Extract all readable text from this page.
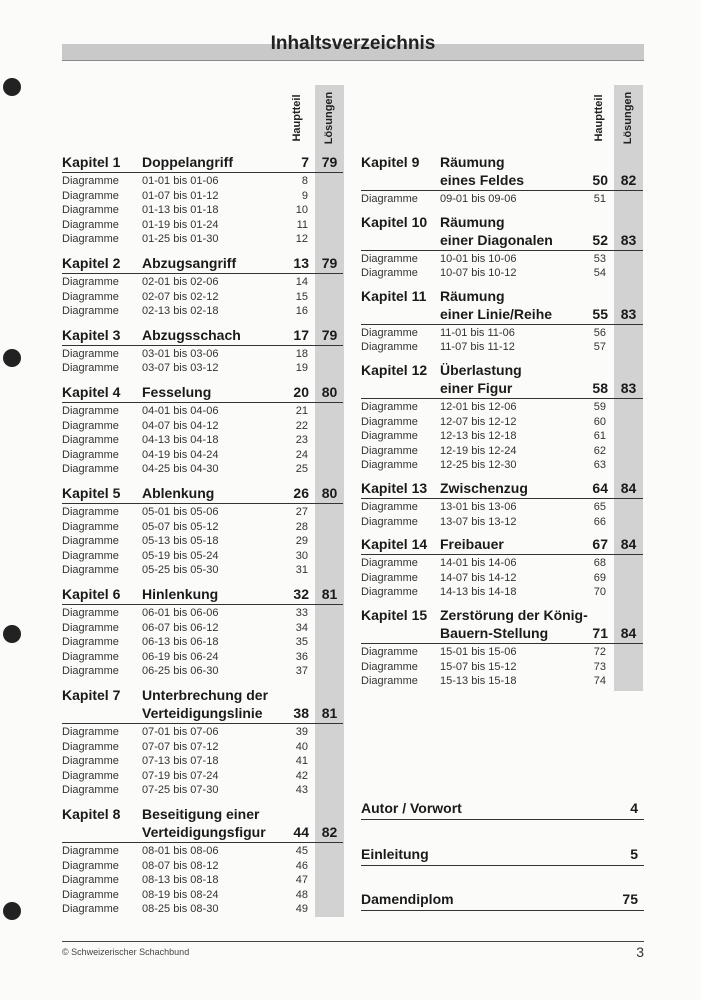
Inhaltsverzeichnis
Hauptteil Lösungen	Hauptteil Lösungen
Kapitel 1	Doppelangriff	7 79
Diagramme 01-01 bis 01-06	8
Diagramme 01-07 bis 01-12	9
Diagramme 01-13 bis 01-18	10
Diagramme 01-19 bis 01-24	11
Diagramme 01-25 bis 01-30	12
Kapitel 2	Abzugsangriff	13 79
Diagramme 02-01 bis 02-06	14
Diagramme 02-07 bis 02-12	15
Diagramme 02-13 bis 02-18	16
Kapitel 3	Abzugsschach	17 79
Diagramme 03-01 bis 03-06	18
Diagramme 03-07 bis 03-12	19
Kapitel 4	Fesselung	20 80
Diagramme 04-01 bis 04-06	21
Diagramme 04-07 bis 04-12	22
Diagramme 04-13 bis 04-18	23
Diagramme 04-19 bis 04-24	24
Diagramme 04-25 bis 04-30	25
Kapitel 5	Ablenkung	26 80
Diagramme 05-01 bis 05-06	27
Diagramme 05-07 bis 05-12	28
Diagramme 05-13 bis 05-18	29
Diagramme 05-19 bis 05-24	30
Diagramme 05-25 bis 05-30	31
Kapitel 6	Hinlenkung	32 81
Diagramme 06-01 bis 06-06	33
Diagramme 06-07 bis 06-12	34
Diagramme 06-13 bis 06-18	35
Diagramme 06-19 bis 06-24	36
Diagramme 06-25 bis 06-30	37
Kapitel 7	Unterbrechung der
Verteidigungslinie	38 81
Diagramme 07-01 bis 07-06	39
Diagramme 07-07 bis 07-12	40
Diagramme 07-13 bis 07-18	41
Diagramme 07-19 bis 07-24	42
Diagramme 07-25 bis 07-30	43
Kapitel 8	Beseitigung einer
Verteidigungsfigur	44 82
Diagramme 08-01 bis 08-06	45
Diagramme 08-07 bis 08-12	46
Diagramme 08-13 bis 08-18	47
Diagramme 08-19 bis 08-24	48
Diagramme 08-25 bis 08-30	49
Kapitel 9	Räumung
eines Feldes	50 82
Diagramme 09-01 bis 09-06	51
Kapitel 10 Räumung
einer Diagonalen	52 83
Diagramme 10-01 bis 10-06	53
Diagramme 10-07 bis 10-12	54
Kapitel 11 Räumung
einer Linie/Reihe	55 83
Diagramme 11-01 bis 11-06	56
Diagramme 11-07 bis 11-12	57
Kapitel 12 Überlastung
einer Figur	58 83
Diagramme 12-01 bis 12-06	59
Diagramme 12-07 bis 12-12	60
Diagramme 12-13 bis 12-18	61
Diagramme 12-19 bis 12-24	62
Diagramme 12-25 bis 12-30	63
Kapitel 13 Zwischenzug	64 84
Diagramme 13-01 bis 13-06	65
Diagramme 13-07 bis 13-12	66
Kapitel 14 Freibauer	67 84
Diagramme 14-01 bis 14-06	68
Diagramme 14-07 bis 14-12	69
Diagramme 14-13 bis 14-18	70
Kapitel 15 Zerstörung der König-
Bauern-Stellung	71 84
Diagramme 15-01 bis 15-06	72
Diagramme 15-07 bis 15-12	73
Diagramme 15-13 bis 15-18	74
Autor / Vorwort	4
Einleitung	5
Damendiplom	75
© Schweizerischer Schachbund	3
